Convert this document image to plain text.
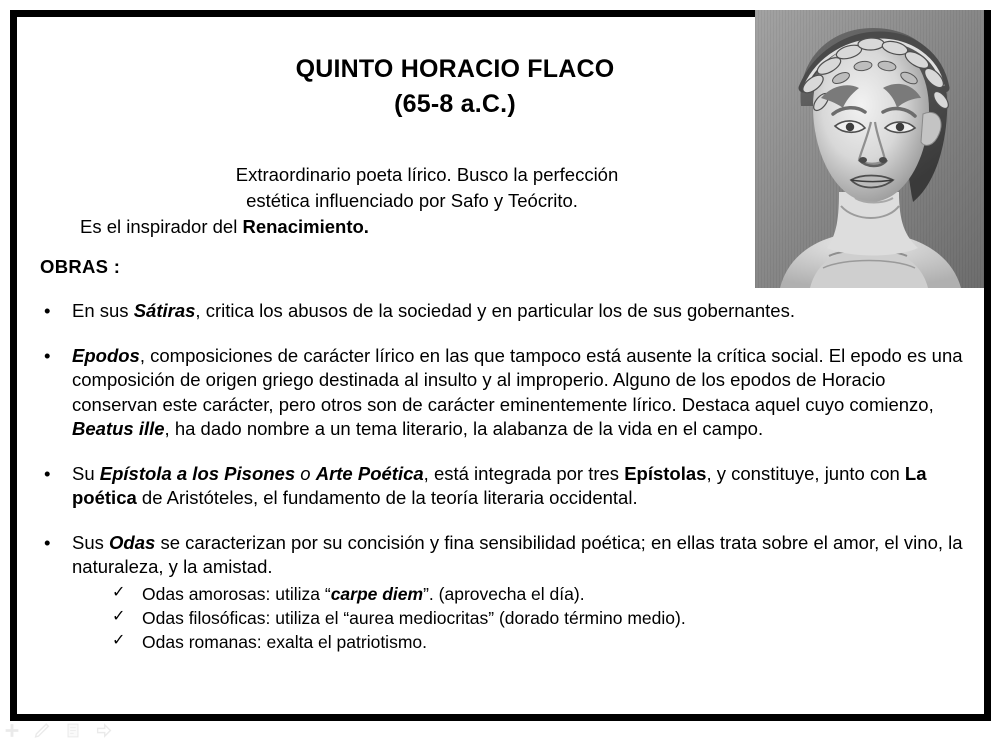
QUINTO HORACIO FLACO
(65-8 a.C.)
Extraordinario poeta lírico. Busco la perfección
estética influenciado por Safo y Teócrito.
Es el inspirador del Renacimiento.
OBRAS :
• En sus Sátiras, critica los abusos de la sociedad y en particular los de sus gobernantes.
• Epodos, composiciones de carácter lírico en las que tampoco está ausente la crítica social. El epodo es una composición de origen griego destinada al insulto y al improperio. Alguno de los epodos de Horacio conservan este carácter, pero otros son de carácter eminentemente lírico. Destaca aquel cuyo comienzo, Beatus ille, ha dado nombre a un tema literario, la alabanza de la vida en el campo.
• Su Epístola a los Pisones o Arte Poética, está integrada por tres Epístolas, y constituye, junto con La poética de Aristóteles, el fundamento de la teoría literaria occidental.
• Sus Odas se caracterizan por su concisión y fina sensibilidad poética; en ellas trata sobre el amor, el vino, la naturaleza, y la amistad.
✓ Odas amorosas: utiliza “carpe diem”. (aprovecha el día).
✓ Odas filosóficas: utiliza el “aurea mediocritas” (dorado término medio).
✓ Odas romanas: exalta el patriotismo.
